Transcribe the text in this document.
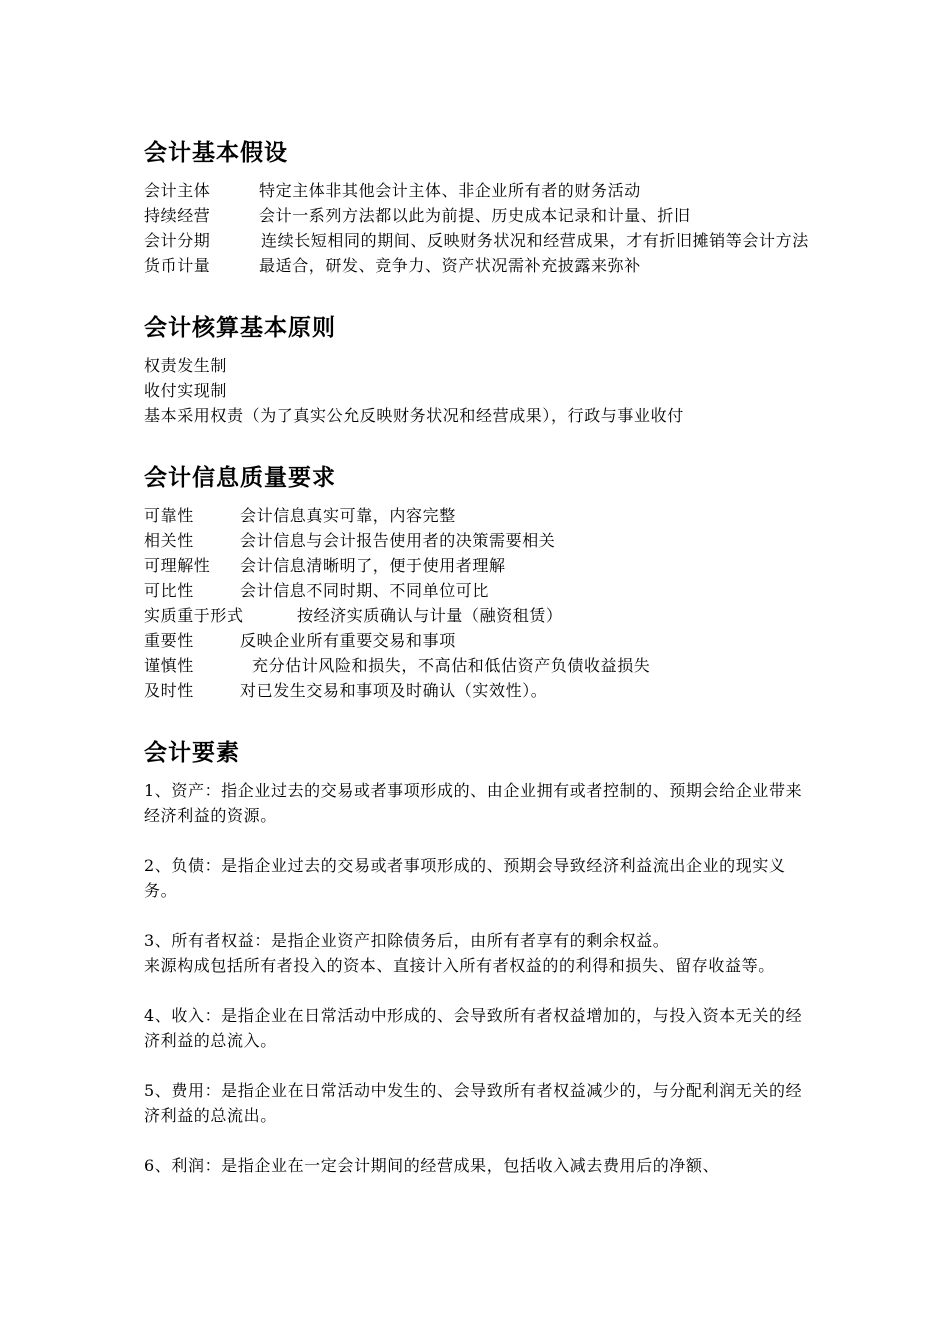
会计基本假设
会计主体	特定主体非其他会计主体、非企业所有者的财务活动
持续经营	会计一系列方法都以此为前提、历史成本记录和计量、折旧
会计分期	连续长短相同的期间、反映财务状况和经营成果，才有折旧摊销等会计方法
货币计量	最适合，研发、竞争力、资产状况需补充披露来弥补
会计核算基本原则
权责发生制
收付实现制
基本采用权责（为了真实公允反映财务状况和经营成果），行政与事业收付
会计信息质量要求
可靠性	会计信息真实可靠，内容完整
相关性	会计信息与会计报告使用者的决策需要相关
可理解性	会计信息清晰明了，便于使用者理解
可比性	会计信息不同时期、不同单位可比
实质重于形式	按经济实质确认与计量（融资租赁）
重要性	反映企业所有重要交易和事项
谨慎性	充分估计风险和损失，不高估和低估资产负债收益损失
及时性	对已发生交易和事项及时确认（实效性）。
会计要素

1、资产：指企业过去的交易或者事项形成的、由企业拥有或者控制的、预期会给企业带来经济利益的资源。

2、负债：是指企业过去的交易或者事项形成的、预期会导致经济利益流出企业的现实义务。

3、所有者权益：是指企业资产扣除债务后，由所有者享有的剩余权益。

来源构成包括所有者投入的资本、直接计入所有者权益的的利得和损失、留存收益等。

4、收入：是指企业在日常活动中形成的、会导致所有者权益增加的，与投入资本无关的经济利益的总流入。

5、费用：是指企业在日常活动中发生的、会导致所有者权益减少的，与分配利润无关的经济利益的总流出。

6、利润：是指企业在一定会计期间的经营成果，包括收入减去费用后的净额、
